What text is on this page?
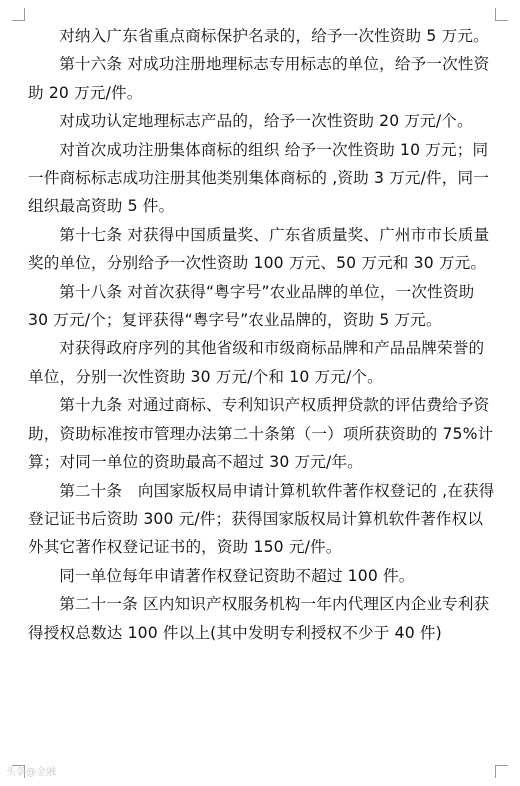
对纳入广东省重点商标保护名录的，给予一次性资助 5 万元。

第十六条 对成功注册地理标志专用标志的单位，给予一次性资助 20 万元/件。

对成功认定地理标志产品的，给予一次性资助 20 万元/个。

对首次成功注册集体商标的组织 给予一次性资助 10 万元；同一件商标标志成功注册其他类别集体商标的 ,资助 3 万元/件，同一组织最高资助 5 件。

第十七条 对获得中国质量奖、广东省质量奖、广州市市长质量奖的单位，分别给予一次性资助 100 万元、50 万元和 30 万元。

第十八条 对首次获得“粤字号”农业品牌的单位，一次性资助 30 万元/个；复评获得“粤字号”农业品牌的，资助 5 万元。

对获得政府序列的其他省级和市级商标品牌和产品品牌荣誉的单位，分别一次性资助 30 万元/个和 10 万元/个。

第十九条 对通过商标、专利知识产权质押贷款的评估费给予资助，资助标准按市管理办法第二十条第（一）项所获资助的 75%计算；对同一单位的资助最高不超过 30 万元/年。

第二十条　向国家版权局申请计算机软件著作权登记的 ,在获得登记证书后资助 300 元/件；获得国家版权局计算机软件著作权以外其它著作权登记证书的，资助 150 元/件。

同一单位每年申请著作权登记资助不超过 100 件。

第二十一条 区内知识产权服务机构一年内代理区内企业专利获得授权总数达 100 件以上(其中发明专利授权不少于 40 件)

头条@金融
